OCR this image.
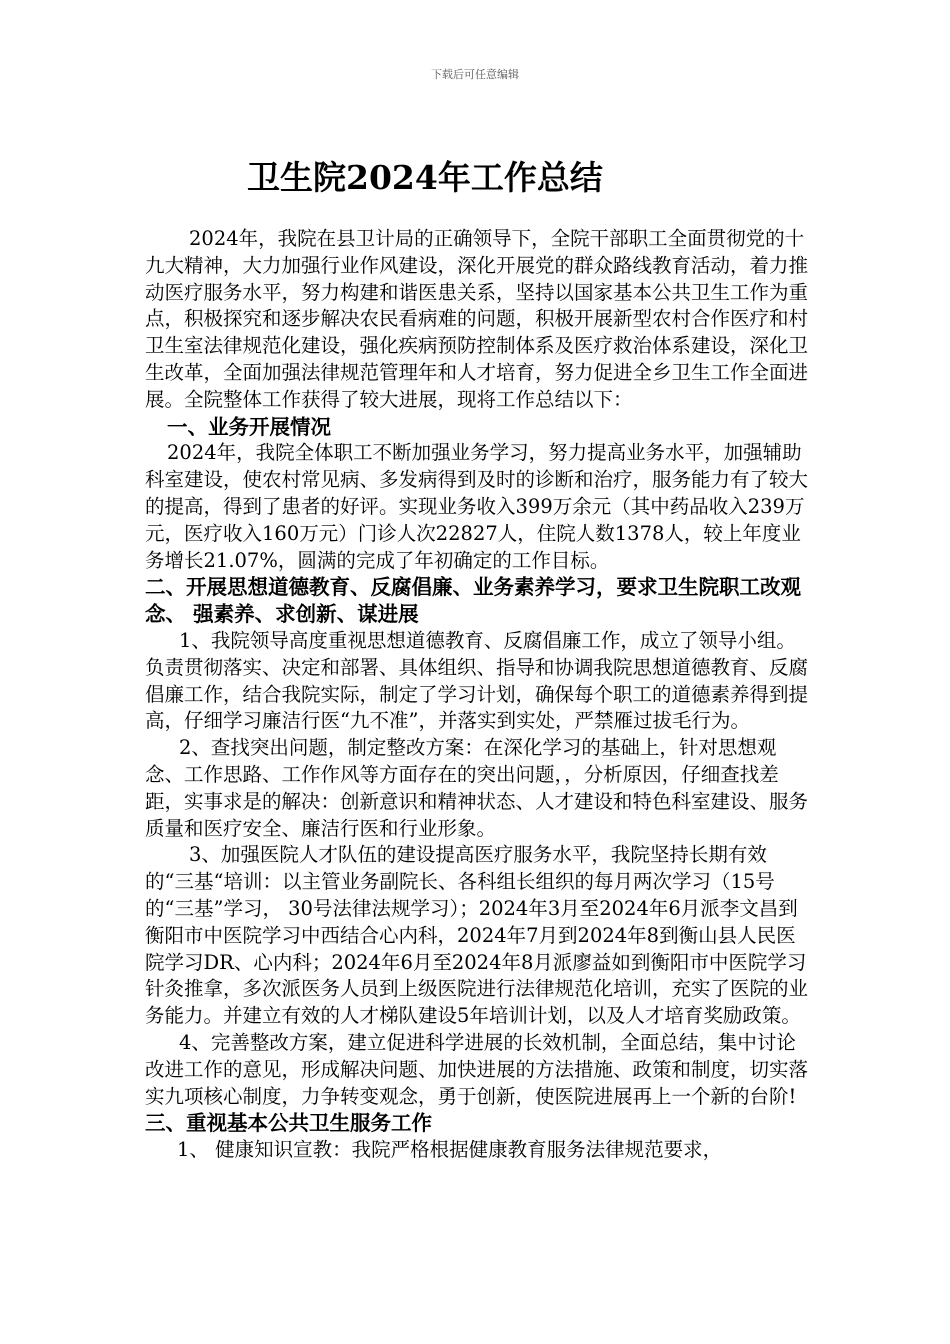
下载后可任意编辑
卫生院2024年工作总结

2024年，我院在县卫计局的正确领导下，全院干部职工全面贯彻党的十九大精神，大力加强行业作风建设，深化开展党的群众路线教育活动，着力推动医疗服务水平，努力构建和谐医患关系，坚持以国家基本公共卫生工作为重点，积极探究和逐步解决农民看病难的问题，积极开展新型农村合作医疗和村卫生室法律规范化建设，强化疾病预防控制体系及医疗救治体系建设，深化卫生改革，全面加强法律规范管理年和人才培育，努力促进全乡卫生工作全面进展。全院整体工作获得了较大进展，现将工作总结以下：

一、业务开展情况

2024年，我院全体职工不断加强业务学习，努力提高业务水平，加强辅助科室建设，使农村常见病、多发病得到及时的诊断和治疗，服务能力有了较大的提高，得到了患者的好评。实现业务收入399万余元（其中药品收入239万元，医疗收入160万元）门诊人次22827人，住院人数1378人，较上年度业务增长21.07%，圆满的完成了年初确定的工作目标。

二、开展思想道德教育、反腐倡廉、业务素养学习，要求卫生院职工改观念、 强素养、求创新、谋进展

1、我院领导高度重视思想道德教育、反腐倡廉工作，成立了领导小组。负责贯彻落实、决定和部署、具体组织、指导和协调我院思想道德教育、反腐倡廉工作，结合我院实际，制定了学习计划，确保每个职工的道德素养得到提高，仔细学习廉洁行医“九不准”，并落实到实处，严禁雁过拔毛行为。

2、查找突出问题，制定整改方案：在深化学习的基础上，针对思想观念、工作思路、工作作风等方面存在的突出问题，，分析原因，仔细查找差距，实事求是的解决：创新意识和精神状态、人才建设和特色科室建设、服务质量和医疗安全、廉洁行医和行业形象。

3、加强医院人才队伍的建设提高医疗服务水平，我院坚持长期有效的“三基“培训：以主管业务副院长、各科组长组织的每月两次学习（15号的“三基”学习， 30号法律法规学习）；2024年3月至2024年6月派李文昌到衡阳市中医院学习中西结合心内科，2024年7月到2024年8到衡山县人民医院学习DR、心内科；2024年6月至2024年8月派廖益如到衡阳市中医院学习针灸推拿，多次派医务人员到上级医院进行法律规范化培训，充实了医院的业务能力。并建立有效的人才梯队建设5年培训计划，以及人才培育奖励政策。

4、完善整改方案，建立促进科学进展的长效机制，全面总结，集中讨论改进工作的意见，形成解决问题、加快进展的方法措施、政策和制度，切实落实九项核心制度，力争转变观念，勇于创新，使医院进展再上一个新的台阶!

三、重视基本公共卫生服务工作

1、 健康知识宣教：我院严格根据健康教育服务法律规范要求，
